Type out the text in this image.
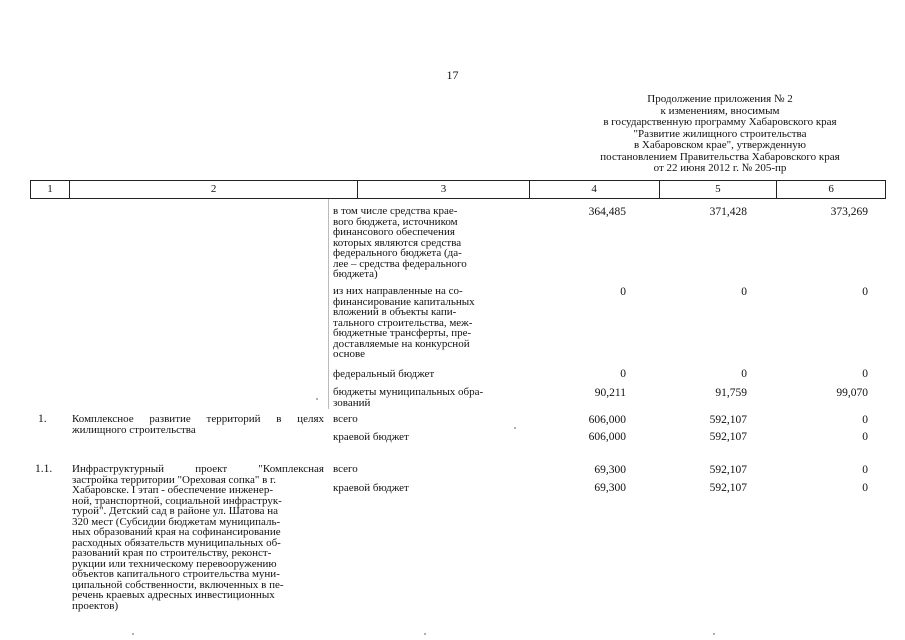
17
Продолжение приложения № 2
к изменениям, вносимым
в государственную программу Хабаровского края
"Развитие жилищного строительства
в Хабаровском крае", утвержденную
постановлением Правительства Хабаровского края
от 22 июня 2012 г. № 205-пр
1	2	3	4	5	6
в том числе средства крае-
вого бюджета, источником
финансового обеспечения
которых являются средства
федерального бюджета (да-
лее – средства федерального
бюджета)
364,485	371,428	373,269
из них направленные на со-
финансирование капитальных
вложений в объекты капи-
тального строительства, меж-
бюджетные трансферты, пре-
доставляемые на конкурсной
основе
0	0	0
федеральный бюджет	0	0	0
бюджеты муниципальных обра-
зований
90,211	91,759	99,070
1.	Комплексное развитие территорий в целях
жилищного строительства
всего	606,000	592,107	0
краевой бюджет	606,000	592,107	0
1.1.	Инфраструктурный проект "Комплексная
застройка территории "Ореховая сопка" в г.
Хабаровске. I этап - обеспечение инженер-
ной, транспортной, социальной инфраструк-
турой". Детский сад в районе ул. Шатова на
320 мест (Субсидии бюджетам муниципаль-
ных образований края на софинансирование
расходных обязательств муниципальных об-
разований края по строительству, реконст-
рукции или техническому перевооружению
объектов капитального строительства муни-
ципальной собственности, включенных в пе-
речень краевых адресных инвестиционных
проектов)
всего	69,300	592,107	0
краевой бюджет	69,300	592,107	0
